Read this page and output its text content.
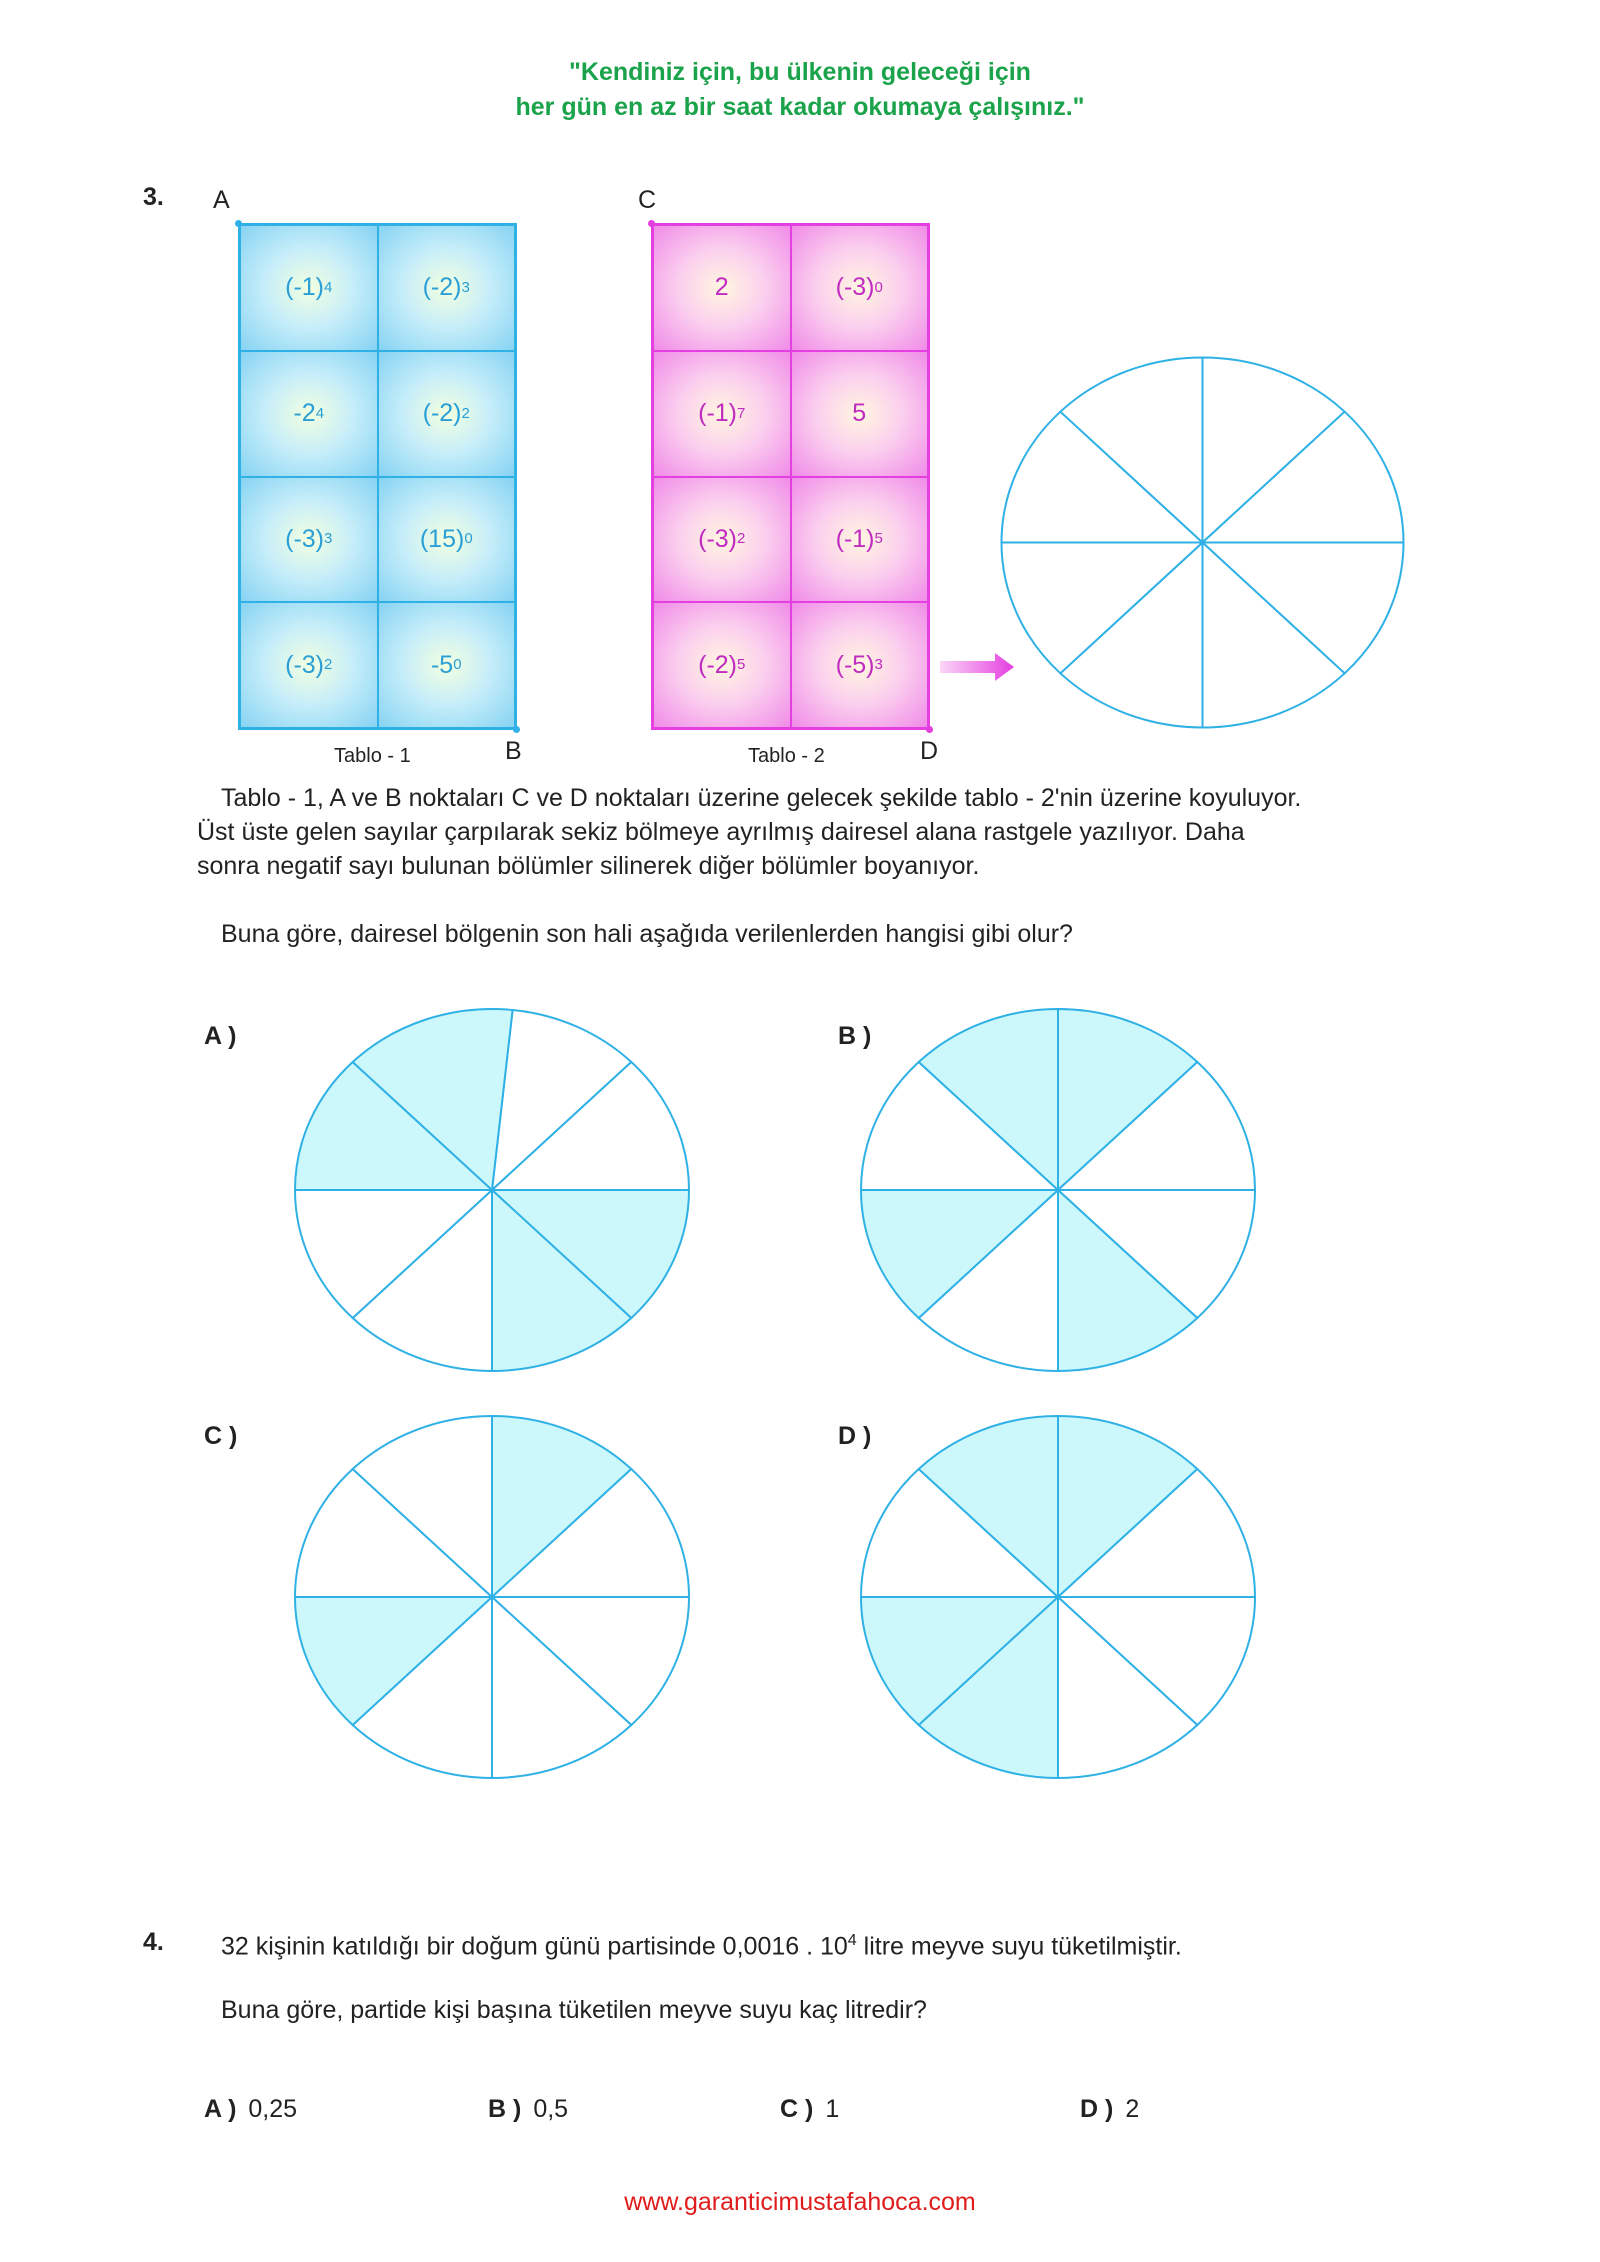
"Kendiniz için, bu ülkenin geleceği için
her gün en az bir saat kadar okumaya çalışınız."
3. A	C
(-1) 4	(-2) 3
-2 4	(-2) 2
(-3) 3	(15) 0
(-3) 2	-5 0
B
Tablo - 1
2	(-3) 0
(-1) 7	5
(-3) 2	(-1) 5
(-2) 5	(-5) 3
D
Tablo - 2
Tablo - 1, A ve B noktaları C ve D noktaları üzerine gelecek şekilde tablo - 2'nin üzerine koyuluyor.
Üst üste gelen sayılar çarpılarak sekiz bölmeye ayrılmış dairesel alana rastgele yazılıyor. Daha
sonra negatif sayı bulunan bölümler silinerek diğer bölümler boyanıyor.
Buna göre, dairesel bölgenin son hali aşağıda verilenlerden hangisi gibi olur?
A )	B )
C )	D )
4. 32 kişinin katıldığı bir doğum günü partisinde 0,0016 . $10^4$ litre meyve suyu tüketilmiştir.
Buna göre, partide kişi başına tüketilen meyve suyu kaç litredir?
A ) 0,25	B ) 0,5	C ) 1	D ) 2
www.garanticimustafahoca.com
